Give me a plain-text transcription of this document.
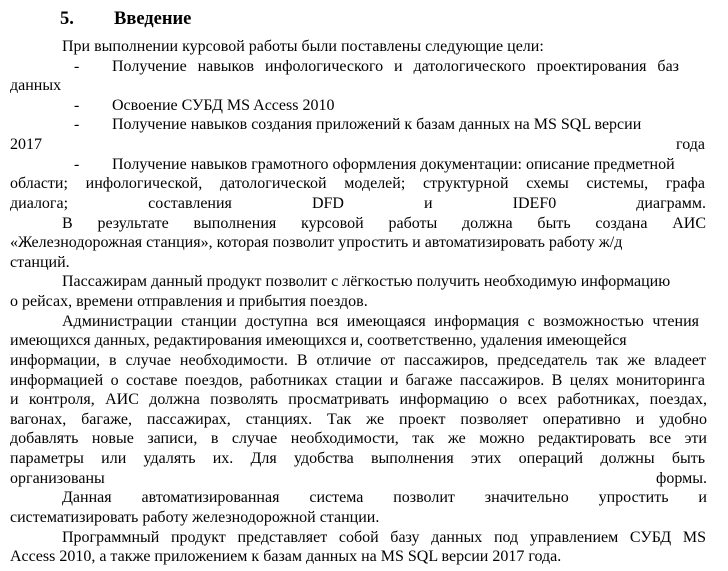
5. Введение
При выполнении курсовой работы были поставлены следующие цели:
- Получение навыков инфологического и датологического проектирования баз
данных
- Освоение СУБД MS Access 2010
- Получение навыков создания приложений к базам данных на MS SQL версии
2017 года
- Получение навыков грамотного оформления документации: описание предметной
области; инфологической, датологической моделей; структурной схемы системы, графа
диалога; составления DFD и IDEF0 диаграмм.
В результате выполнения курсовой работы должна быть создана АИС
«Железнодорожная станция», которая позволит упростить и автоматизировать работу ж/д
станций.
Пассажирам данный продукт позволит с лёгкостью получить необходимую информацию
о рейсах, времени отправления и прибытия поездов.
Администрации станции доступна вся имеющаяся информация с возможностью чтения
имеющихся данных, редактирования имеющихся и, соответственно, удаления имеющейся
информации, в случае необходимости. В отличие от пассажиров, председатель так же владеет
информацией о составе поездов, работниках стации и багаже пассажиров. В целях мониторинга
и контроля, АИС должна позволять просматривать информацию о всех работниках, поездах,
вагонах, багаже, пассажирах, станциях. Так же проект позволяет оперативно и удобно
добавлять новые записи, в случае необходимости, так же можно редактировать все эти
параметры или удалять их. Для удобства выполнения этих операций должны быть
организованы формы.
Данная автоматизированная система позволит значительно упростить и
систематизировать работу железнодорожной станции.
Программный продукт представляет собой базу данных под управлением СУБД MS
Access 2010, а также приложением к базам данных на MS SQL версии 2017 года.
